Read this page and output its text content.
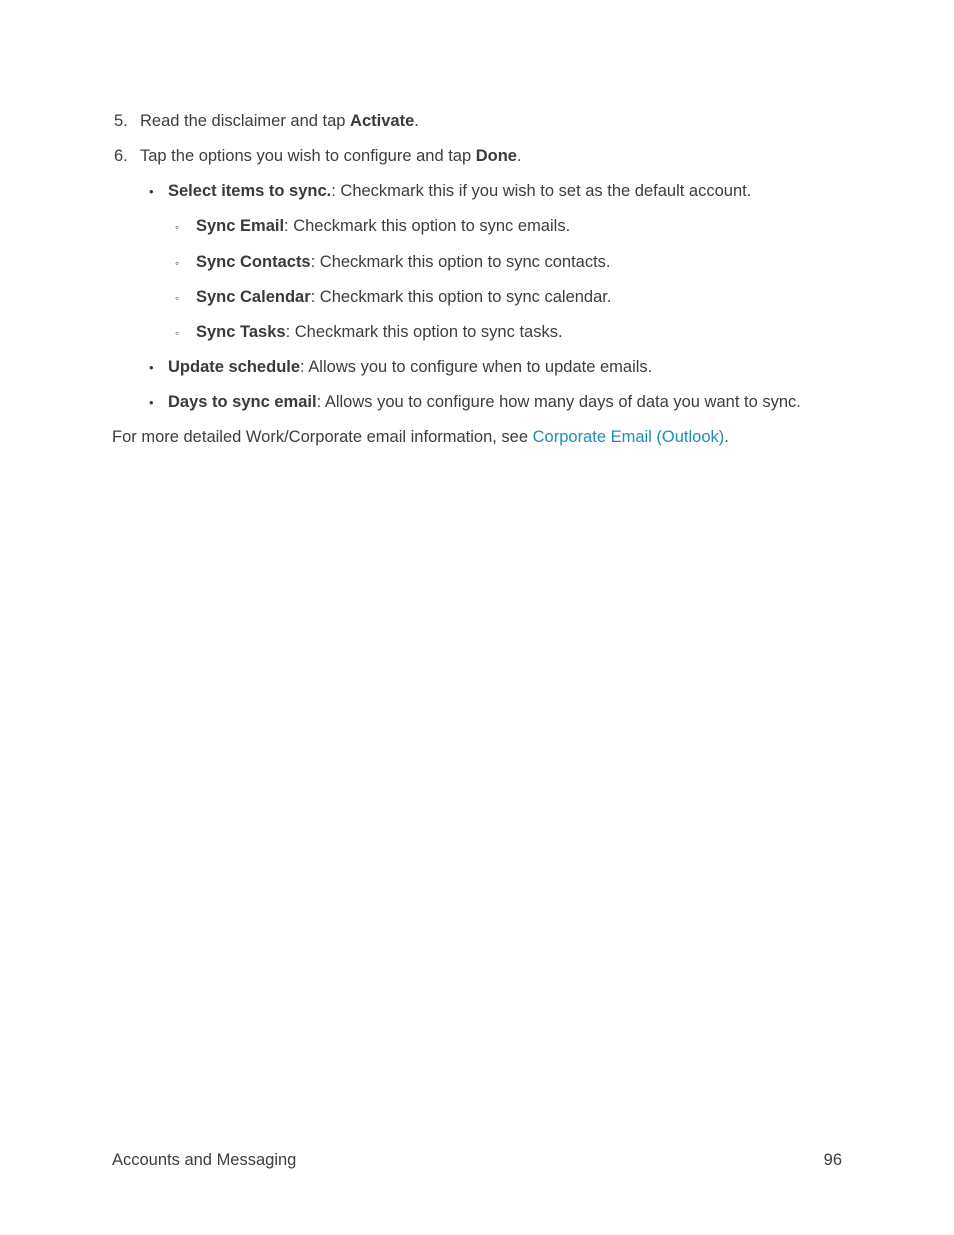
5. Read the disclaimer and tap Activate.
6. Tap the options you wish to configure and tap Done.
• Select items to sync.: Checkmark this if you wish to set as the default account.
◦ Sync Email: Checkmark this option to sync emails.
◦ Sync Contacts: Checkmark this option to sync contacts.
◦ Sync Calendar: Checkmark this option to sync calendar.
◦ Sync Tasks: Checkmark this option to sync tasks.
• Update schedule: Allows you to configure when to update emails.
• Days to sync email: Allows you to configure how many days of data you want to sync.
For more detailed Work/Corporate email information, see Corporate Email (Outlook).
Accounts and Messaging	96
